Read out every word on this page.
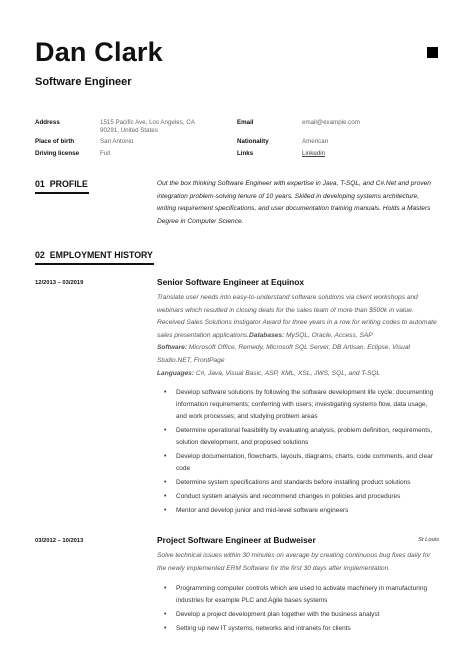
Dan Clark
Software Engineer
Address	1515 Pacific Ave, Los Angeles, CA 90291, United States
Place of birth	San Antonio
Driving license	Full
Email	email@example.com
Nationality	American
Links	Linkedin
01 PROFILE	Out the box thinking Software Engineer with expertise in Java, T-SQL, and C#.Net and proven integration problem-solving tenure of 10 years. Skilled in developing systems architecture, writing requirement specifications, and user documentation training manuals. Holds a Masters Degree in Computer Science.
02 EMPLOYMENT HISTORY
12/2013 – 03/2019	Senior Software Engineer at Equinox
Translate user needs into easy-to-understand software solutions via client workshops and webinars which resulted in closing deals for the sales team of more than $500k in value. Received Sales Solutions Instigator Award for three years in a row for writing codes to automate sales presentation applications.Databases: MySQL, Oracle, Access, SAP
Software: Microsoft Office, Remedy, Microsoft SQL Server, DB Artisan, Eclipse, Visual Studio.NET, FrontPage
Languages: C#, Java, Visual Basic, ASP, XML, XSL, JWS, SQL, and T-SQL
• Develop software solutions by following the software development life cycle: documenting information requirements; conferring with users; investigating systems flow, data usage, and work processes; and studying problem areas
• Determine operational feasibility by evaluating analysis, problem definition, requirements, solution development, and proposed solutions
• Develop documentation, flowcharts, layouts, diagrams, charts, code comments, and clear code
• Determine system specifications and standards before installing product solutions
• Conduct system analysis and recommend changes in policies and procedures
• Mentor and develop junior and mid-level software engineers
03/2012 – 10/2013	Project Software Engineer at Budweiser	St Louis
Solve technical issues within 30 minutes on average by creating continuous bug fixes daily for the newly implemented ERM Software for the first 30 days after implementation.
• Programming computer controls which are used to activate machinery in manufacturing industries for example PLC and Agile bases systems
• Develop a project development plan together with the business analyst
• Setting up new IT systems, networks and intranets for clients
